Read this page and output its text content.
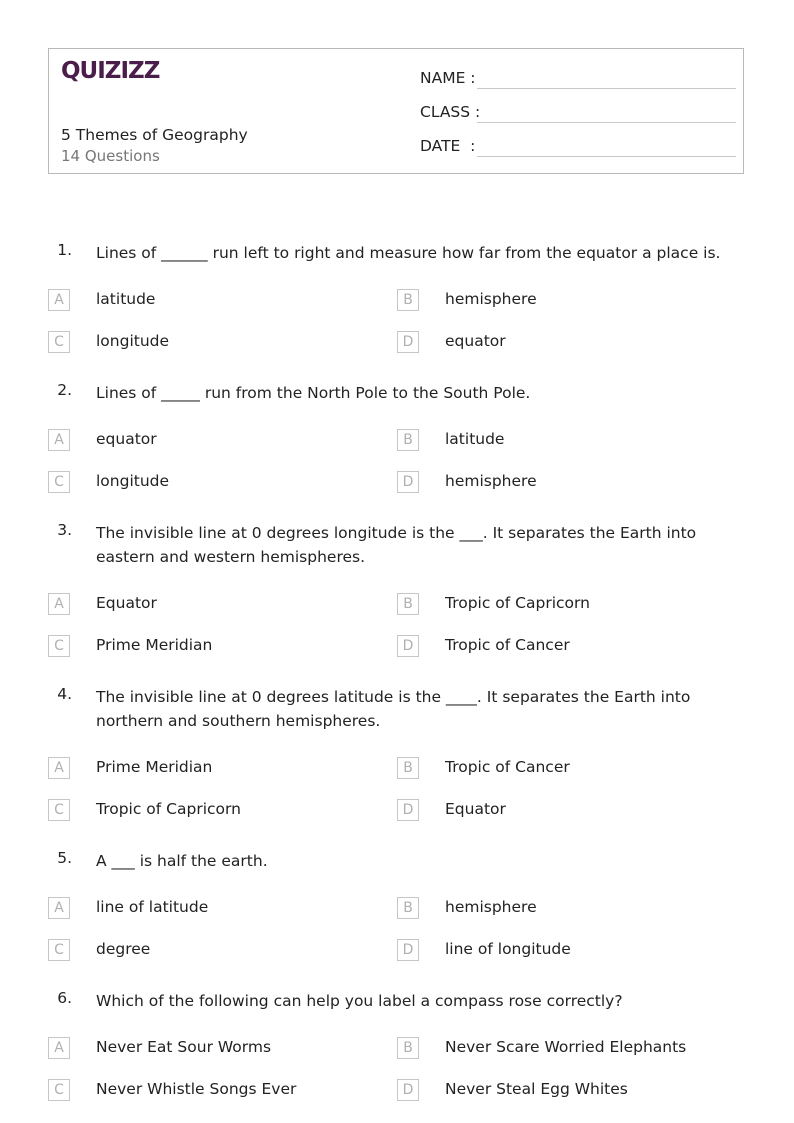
QUIZIZZ
5 Themes of Geography
14 Questions
NAME :
CLASS :
DATE  :
1. Lines of ______ run left to right and measure how far from the equator a place is.
A	latitude	B	hemisphere
C	longitude	D	equator
2. Lines of _____ run from the North Pole to the South Pole.
A	equator	B	latitude
C	longitude	D	hemisphere
3. The invisible line at 0 degrees longitude is the ___. It separates the Earth into eastern and western hemispheres.
A	Equator	B	Tropic of Capricorn
C	Prime Meridian	D	Tropic of Cancer
4. The invisible line at 0 degrees latitude is the ____. It separates the Earth into northern and southern hemispheres.
A	Prime Meridian	B	Tropic of Cancer
C	Tropic of Capricorn	D	Equator
5. A ___ is half the earth.
A	line of latitude	B	hemisphere
C	degree	D	line of longitude
6. Which of the following can help you label a compass rose correctly?
A	Never Eat Sour Worms	B	Never Scare Worried Elephants
C	Never Whistle Songs Ever	D	Never Steal Egg Whites
